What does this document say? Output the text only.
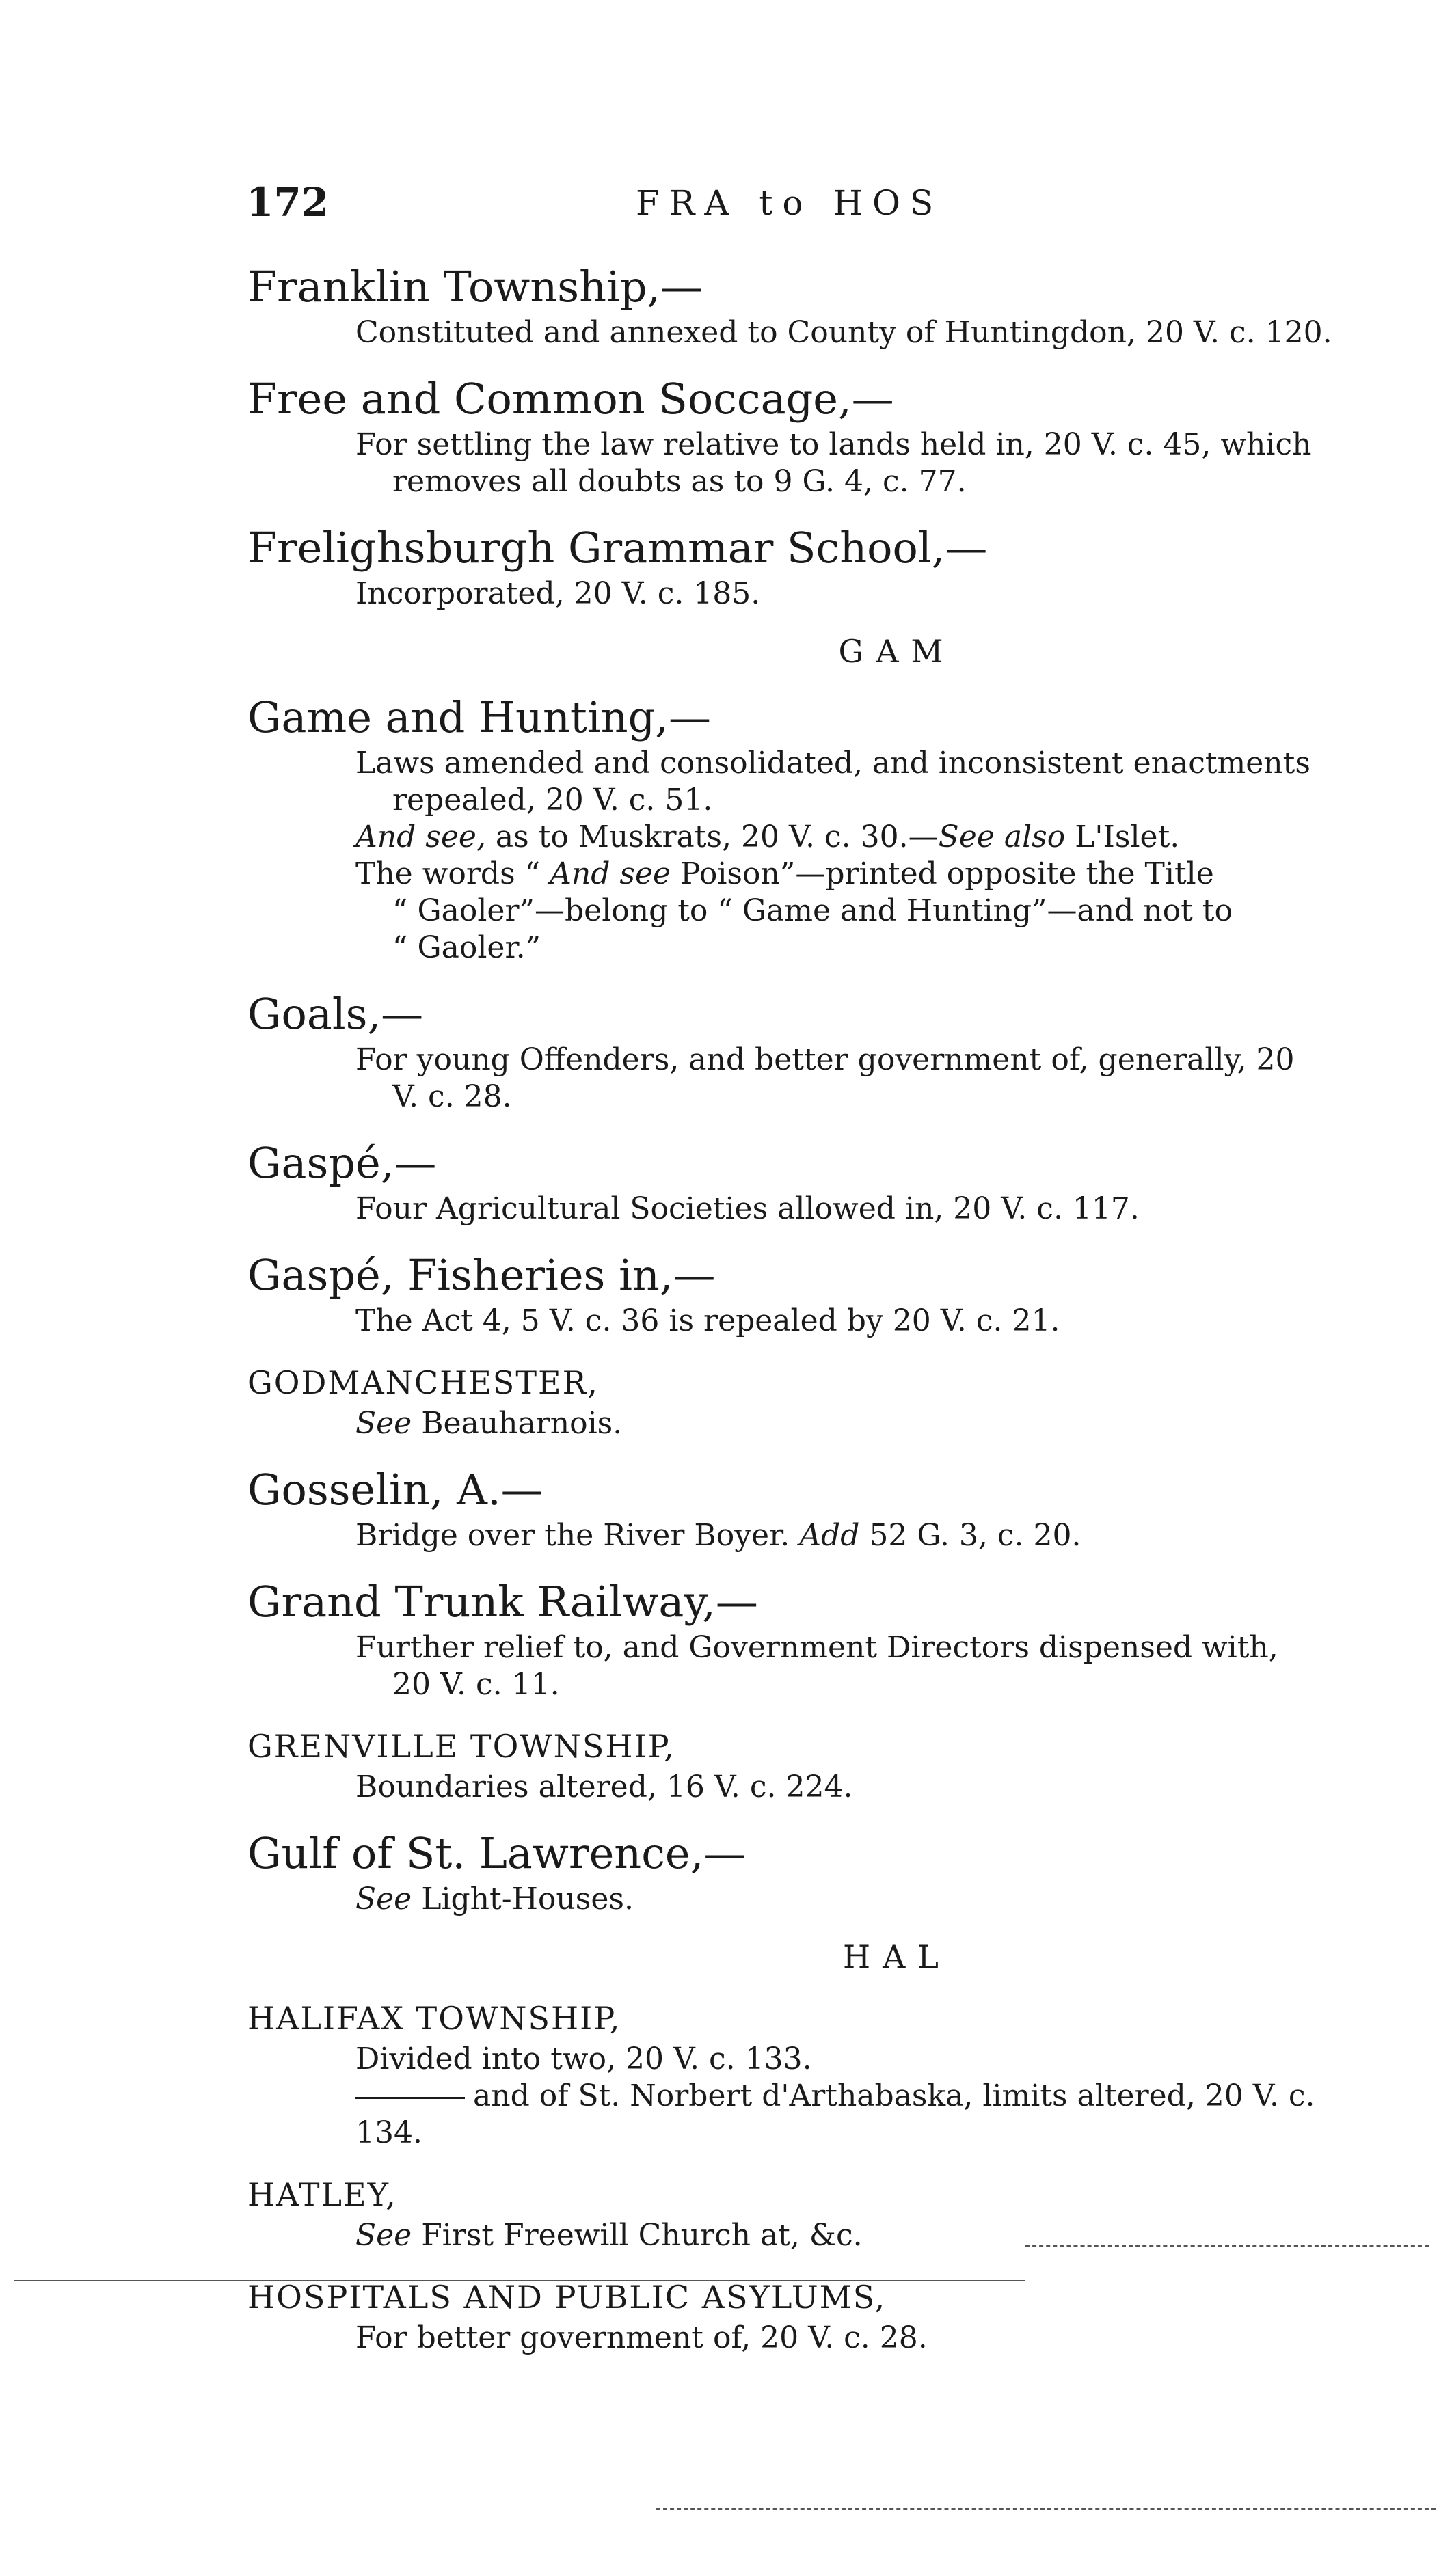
172	FRA to HOS
Franklin Township,—
Constituted and annexed to County of Huntingdon, 20 V. c. 120.
Free and Common Soccage,—
For settling the law relative to lands held in, 20 V. c. 45, which
removes all doubts as to 9 G. 4, c. 77.
Frelighsburgh Grammar School,—
Incorporated, 20 V. c. 185.
GAM
Game and Hunting,—
Laws amended and consolidated, and inconsistent enactments
repealed, 20 V. c. 51.
And see, as to Muskrats, 20 V. c. 30.—See also L'Islet.
The words “ And see Poison”—printed opposite the Title
“ Gaoler”—belong to “ Game and Hunting”—and not to
“ Gaoler.”
Goals,—
For young Offenders, and better government of, generally, 20
V. c. 28.
Gaspé,—
Four Agricultural Societies allowed in, 20 V. c. 117.
Gaspé, Fisheries in,—
The Act 4, 5 V. c. 36 is repealed by 20 V. c. 21.
GODMANCHESTER,
See Beauharnois.
Gosselin, A.—
Bridge over the River Boyer. Add 52 G. 3, c. 20.
Grand Trunk Railway,—
Further relief to, and Government Directors dispensed with,
20 V. c. 11.
GRENVILLE TOWNSHIP,
Boundaries altered, 16 V. c. 224.
Gulf of St. Lawrence,—
See Light-Houses.
HAL
HALIFAX TOWNSHIP,
Divided into two, 20 V. c. 133.
and of St. Norbert d'Arthabaska, limits altered, 20 V. c. 134.
HATLEY,
See First Freewill Church at, &c.
HOSPITALS AND PUBLIC ASYLUMS,
For better government of, 20 V. c. 28.
